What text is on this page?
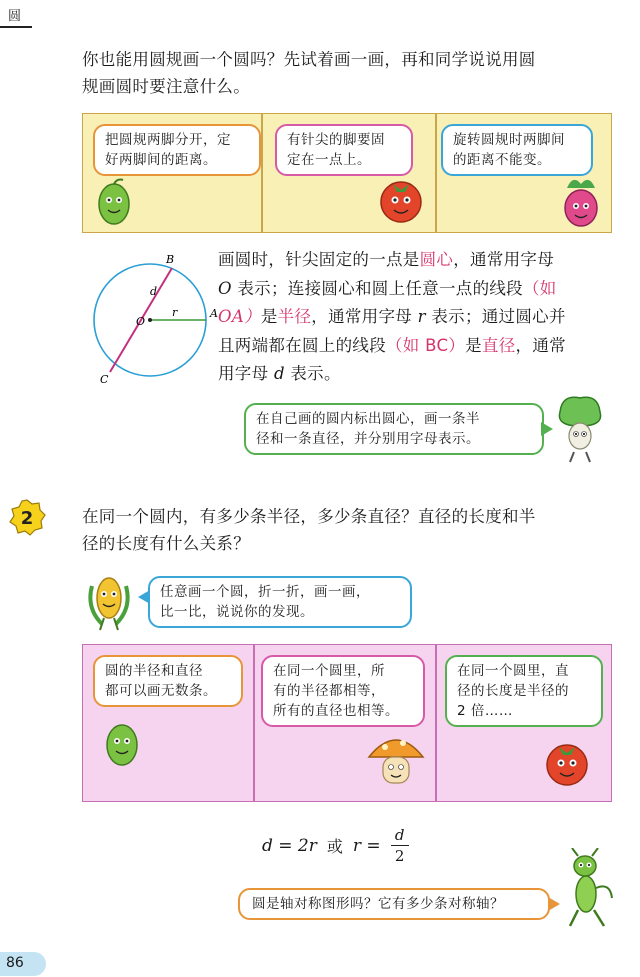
圆
你也能用圆规画一个圆吗？先试着画一画，再和同学说说用圆
规画圆时要注意什么。
把圆规两脚分开，定
好两脚间的距离。
有针尖的脚要固
定在一点上。
旋转圆规时两脚间
的距离不能变。
B
A
C
O
d
r
画圆时，针尖固定的一点是圆心，通常用字母
O 表示；连接圆心和圆上任意一点的线段（如
OA）是半径，通常用字母 r 表示；通过圆心并
且两端都在圆上的线段（如 BC）是直径，通常
用字母 d 表示。
在自己画的圆内标出圆心，画一条半
径和一条直径，并分别用字母表示。
2	在同一个圆内，有多少条半径，多少条直径？直径的长度和半
径的长度有什么关系？
任意画一个圆，折一折，画一画，
比一比，说说你的发现。
圆的半径和直径
都可以画无数条。
在同一个圆里，所
有的半径都相等，
所有的直径也相等。
在同一个圆里，直
径的长度是半径的
2 倍……
d = 2r 或 $r = \frac{d}{2}$
圆是轴对称图形吗？它有多少条对称轴？
86
